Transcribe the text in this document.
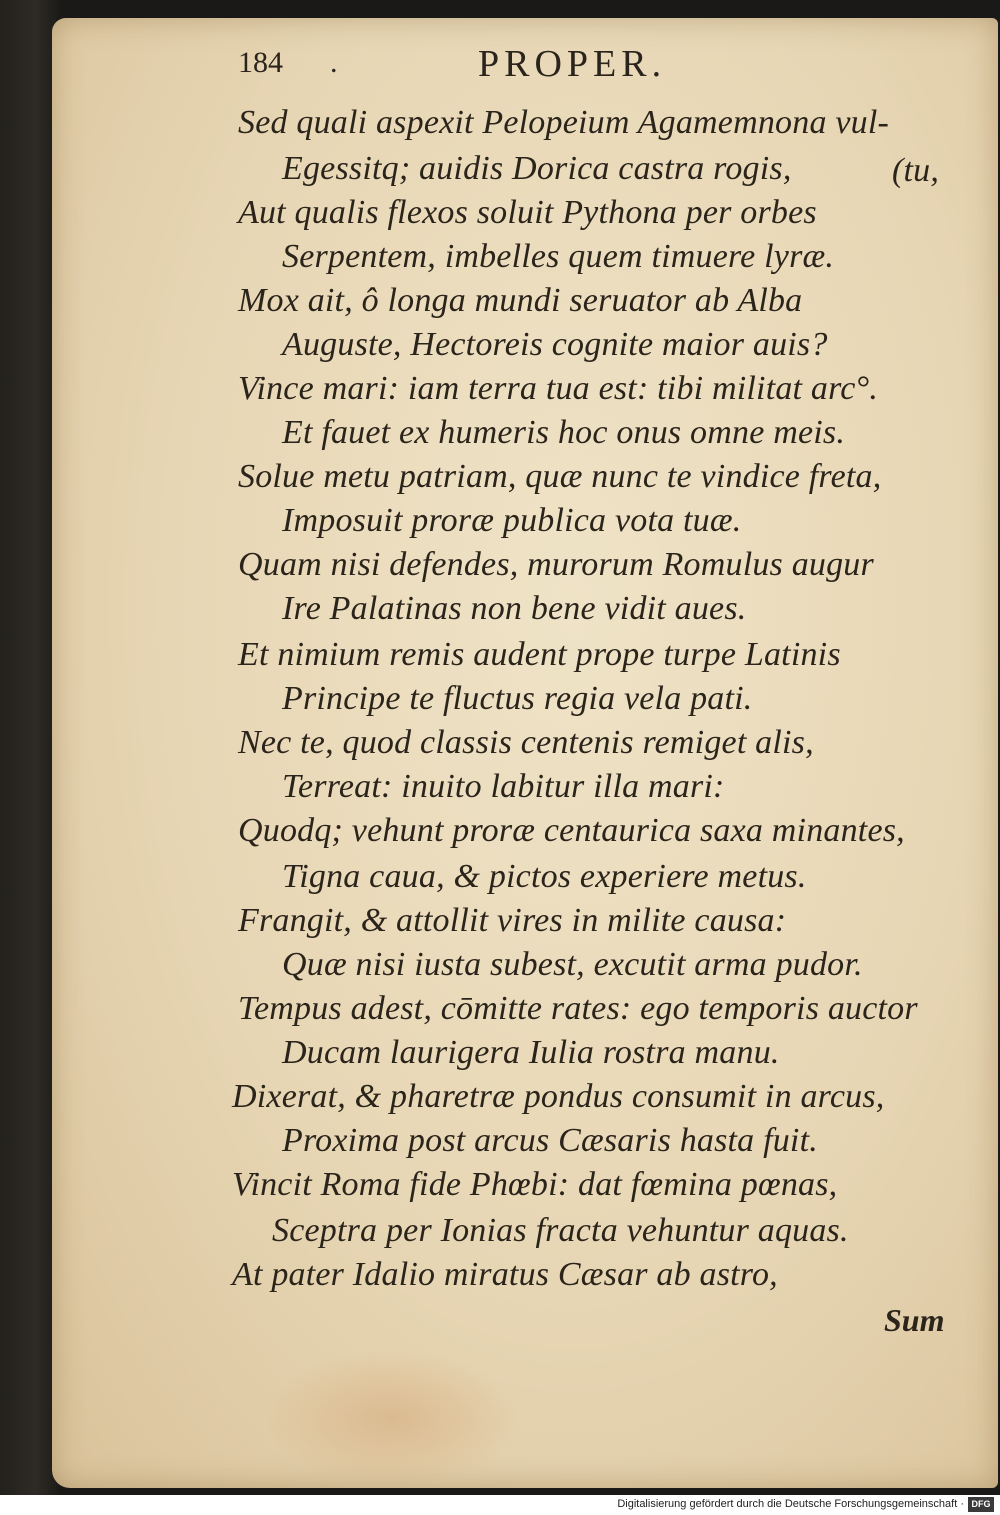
184 .	PROPER.
Sed quali aspexit Pelopeium Agamemnona vul-
Egessitq; auidis Dorica castra rogis,	(tu,
Aut qualis flexos soluit Pythona per orbes
Serpentem, imbelles quem timuere lyræ.
Mox ait, ô longa mundi seruator ab Alba
Auguste, Hectoreis cognite maior auis?
Vince mari: iam terra tua est: tibi militat arc°.
Et fauet ex humeris hoc onus omne meis.
Solue metu patriam, quæ nunc te vindice freta,
Imposuit proræ publica vota tuæ.
Quam nisi defendes, murorum Romulus augur
Ire Palatinas non bene vidit aues.
Et nimium remis audent prope turpe Latinis
Principe te fluctus regia vela pati.
Nec te, quod classis centenis remiget alis,
Terreat: inuito labitur illa mari:
Quodq; vehunt proræ centaurica saxa minantes,
Tigna caua, & pictos experiere metus.
Frangit, & attollit vires in milite causa:
Quæ nisi iusta subest, excutit arma pudor.
Tempus adest, cōmitte rates: ego temporis auctor
Ducam laurigera Iulia rostra manu.
Dixerat, & pharetræ pondus consumit in arcus,
Proxima post arcus Cæsaris hasta fuit.
Vincit Roma fide Phœbi: dat fœmina pœnas,
Sceptra per Ionias fracta vehuntur aquas.
At pater Idalio miratus Cæsar ab astro,
Sum
Digitalisierung gefördert durch die Deutsche Forschungsgemeinschaft · DFG
